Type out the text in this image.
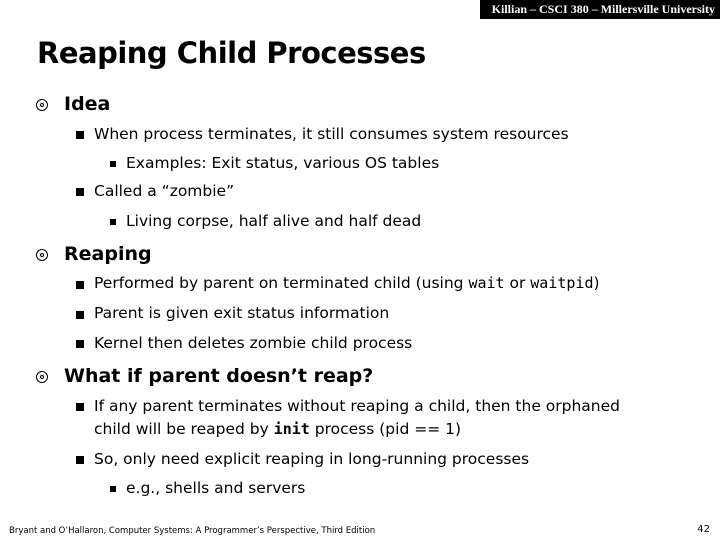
Killian – CSCI 380 – Millersville University
Reaping Child Processes
Idea
When process terminates, it still consumes system resources
Examples: Exit status, various OS tables
Called a “zombie”
Living corpse, half alive and half dead
Reaping
Performed by parent on terminated child (using wait or waitpid)
Parent is given exit status information
Kernel then deletes zombie child process
What if parent doesn’t reap?
If any parent terminates without reaping a child, then the orphaned
child will be reaped by init process (pid == 1)
So, only need explicit reaping in long-running processes
e.g., shells and servers
Bryant and O’Hallaron, Computer Systems: A Programmer’s Perspective, Third Edition	42
